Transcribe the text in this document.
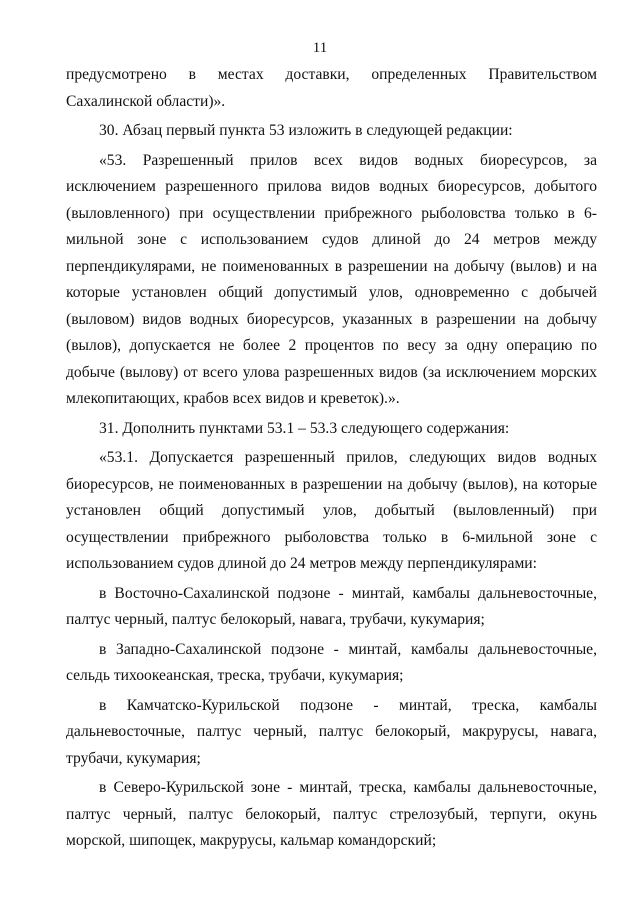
11

предусмотрено в местах доставки, определенных Правительством Сахалинской области)».

30. Абзац первый пункта 53 изложить в следующей редакции:

«53. Разрешенный прилов всех видов водных биоресурсов, за исключением разрешенного прилова видов водных биоресурсов, добытого (выловленного) при осуществлении прибрежного рыболовства только в 6-мильной зоне с использованием судов длиной до 24 метров между перпендикулярами, не поименованных в разрешении на добычу (вылов) и на которые установлен общий допустимый улов, одновременно с добычей (выловом) видов водных биоресурсов, указанных в разрешении на добычу (вылов), допускается не более 2 процентов по весу за одну операцию по добыче (вылову) от всего улова разрешенных видов (за исключением морских млекопитающих, крабов всех видов и креветок).».

31. Дополнить пунктами 53.1 – 53.3 следующего содержания:

«53.1. Допускается разрешенный прилов, следующих видов водных биоресурсов, не поименованных в разрешении на добычу (вылов), на которые установлен общий допустимый улов, добытый (выловленный) при осуществлении прибрежного рыболовства только в 6-мильной зоне с использованием судов длиной до 24 метров между перпендикулярами:

в Восточно-Сахалинской подзоне - минтай, камбалы дальневосточные, палтус черный, палтус белокорый, навага, трубачи, кукумария;

в Западно-Сахалинской подзоне - минтай, камбалы дальневосточные, сельдь тихоокеанская, треска, трубачи, кукумария;

в Камчатско-Курильской подзоне - минтай, треска, камбалы дальневосточные, палтус черный, палтус белокорый, макрурусы, навага, трубачи, кукумария;

в Северо-Курильской зоне - минтай, треска, камбалы дальневосточные, палтус черный, палтус белокорый, палтус стрелозубый, терпуги, окунь морской, шипощек, макрурусы, кальмар командорский;
